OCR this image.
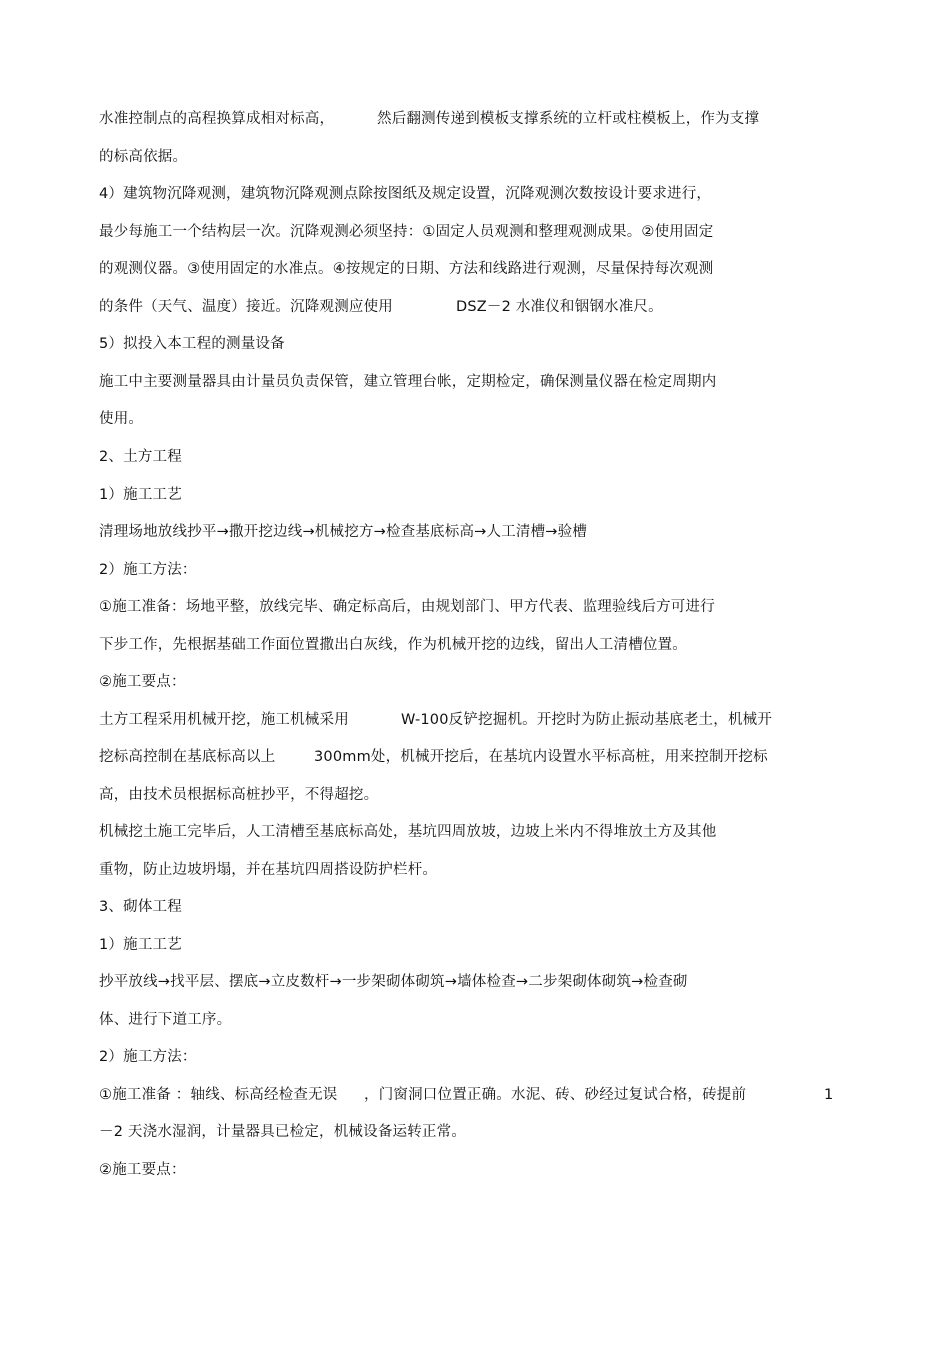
水准控制点的高程换算成相对标高，	然后翻测传递到模板支撑系统的立杆或柱模板上，作为支撑
的标高依据。
4）建筑物沉降观测，建筑物沉降观测点除按图纸及规定设置，沉降观测次数按设计要求进行，
最少每施工一个结构层一次。沉降观测必须坚持：①固定人员观测和整理观测成果。②使用固定
的观测仪器。③使用固定的水准点。④按规定的日期、方法和线路进行观测，尽量保持每次观测
的条件（天气、温度）接近。沉降观测应使用	DSZ－2 水准仪和铟钢水准尺。
5）拟投入本工程的测量设备
施工中主要测量器具由计量员负责保管，建立管理台帐，定期检定，确保测量仪器在检定周期内
使用。
2、土方工程
1）施工工艺
清理场地放线抄平→撒开挖边线→机械挖方→检查基底标高→人工清槽→验槽
2）施工方法：
①施工准备：场地平整，放线完毕、确定标高后，由规划部门、甲方代表、监理验线后方可进行
下步工作，先根据基础工作面位置撒出白灰线，作为机械开挖的边线，留出人工清槽位置。
②施工要点：
土方工程采用机械开挖，施工机械采用	W-100反铲挖掘机。开挖时为防止振动基底老土，机械开
挖标高控制在基底标高以上	300mm处，机械开挖后，在基坑内设置水平标高桩，用来控制开挖标
高，由技术员根据标高桩抄平，不得超挖。
机械挖土施工完毕后，人工清槽至基底标高处，基坑四周放坡，边坡上米内不得堆放土方及其他
重物，防止边坡坍塌，并在基坑四周搭设防护栏杆。
3、砌体工程
1）施工工艺
抄平放线→找平层、摆底→立皮数杆→一步架砌体砌筑→墙体检查→二步架砌体砌筑→检查砌
体、进行下道工序。
2）施工方法：
①施工准备 ：轴线、标高经检查无误 ，门窗洞口位置正确。水泥、砖、砂经过复试合格，砖提前	1
－2 天浇水湿润，计量器具已检定，机械设备运转正常。
②施工要点：
